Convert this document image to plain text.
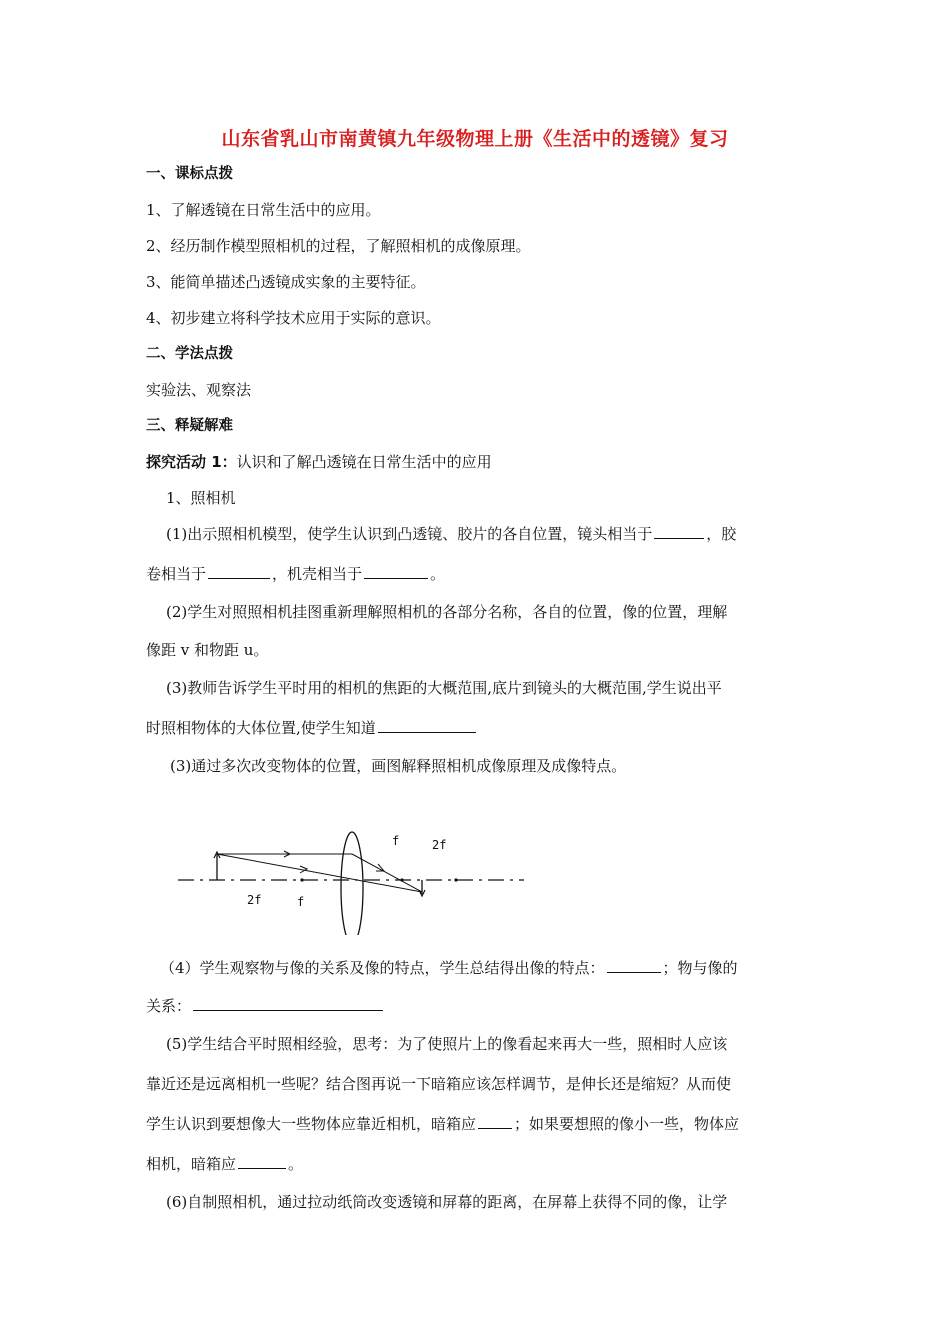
山东省乳山市南黄镇九年级物理上册《生活中的透镜》复习
一、课标点拨
1、了解透镜在日常生活中的应用。
2、经历制作模型照相机的过程，了解照相机的成像原理。
3、能简单描述凸透镜成实象的主要特征。
4、初步建立将科学技术应用于实际的意识。
二、学法点拨
实验法、观察法
三、释疑解难
探究活动 1：认识和了解凸透镜在日常生活中的应用
1、照相机
(1)出示照相机模型，使学生认识到凸透镜、胶片的各自位置，镜头相当于	，胶
卷相当于	，机壳相当于	。
(2)学生对照照相机挂图重新理解照相机的各部分名称，各自的位置，像的位置，理解
像距 v 和物距 u。
(3)教师告诉学生平时用的相机的焦距的大概范围,底片到镜头的大概范围,学生说出平
时照相物体的大体位置,使学生知道
(3)通过多次改变物体的位置，画图解释照相机成像原理及成像特点。
f	2f
2f	f
（4）学生观察物与像的关系及像的特点，学生总结得出像的特点：	；物与像的
关系：
(5)学生结合平时照相经验，思考：为了使照片上的像看起来再大一些，照相时人应该
靠近还是远离相机一些呢？结合图再说一下暗箱应该怎样调节，是伸长还是缩短？从而使
学生认识到要想像大一些物体应靠近相机，暗箱应	；如果要想照的像小一些，物体应
相机，暗箱应	。
(6)自制照相机，通过拉动纸筒改变透镜和屏幕的距离，在屏幕上获得不同的像，让学
